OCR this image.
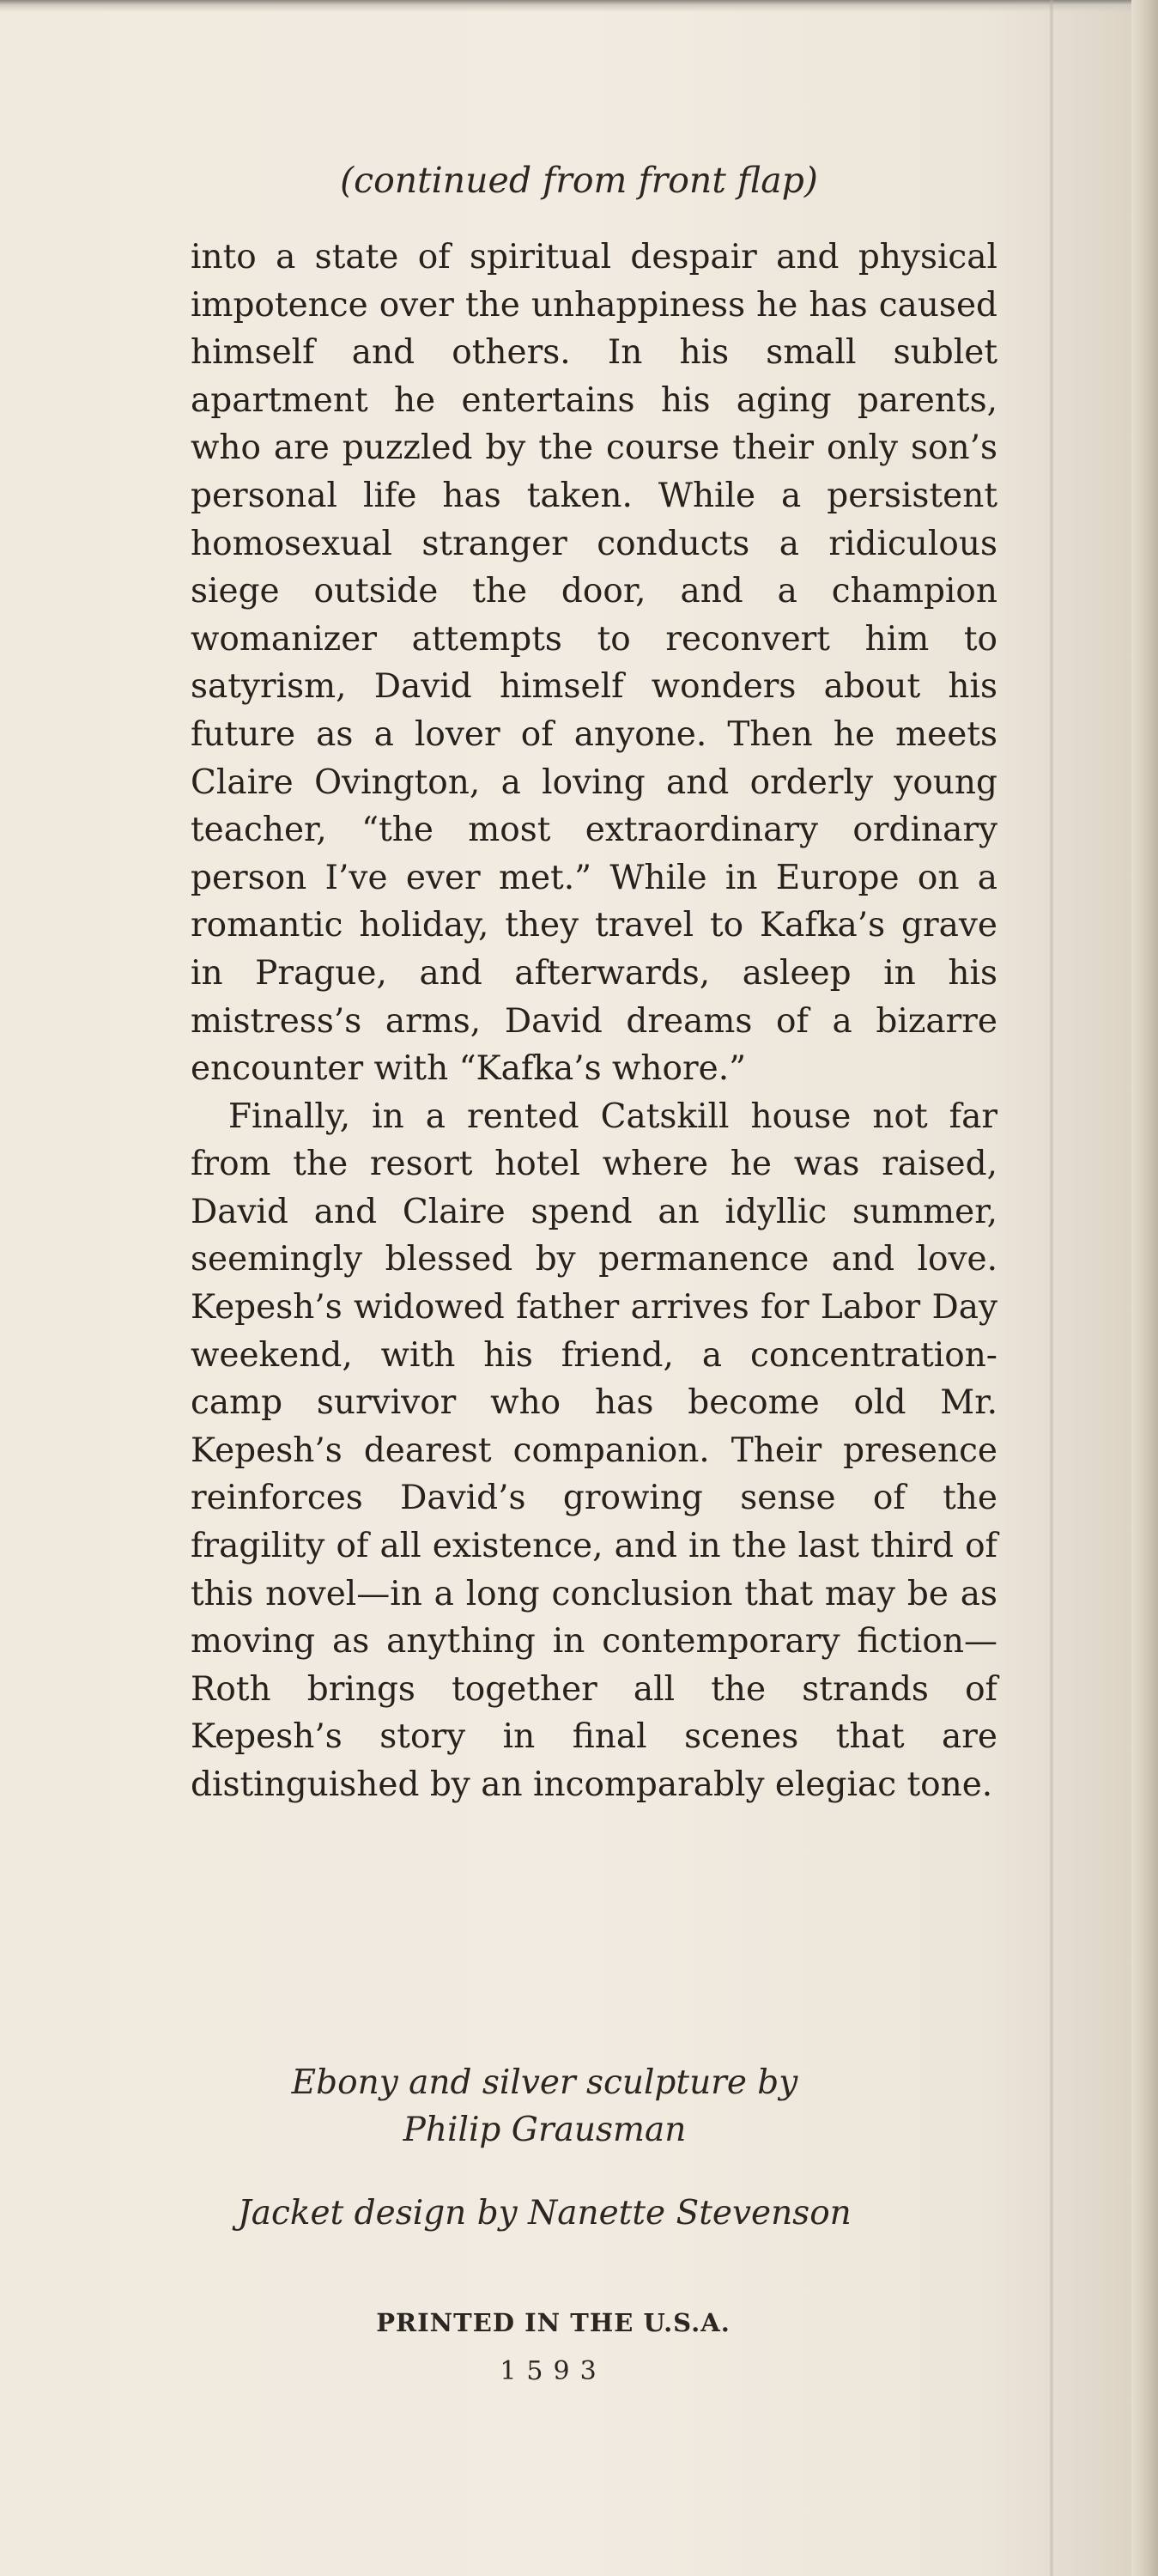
(continued from front flap)

into a state of spiritual despair and physical impotence over the unhappiness he has caused himself and others. In his small sublet apartment he entertains his aging parents, who are puzzled by the course their only son’s personal life has taken. While a persistent homosexual stranger conducts a ridiculous siege outside the door, and a champion womanizer attempts to reconvert him to satyrism, David himself wonders about his future as a lover of anyone. Then he meets Claire Ovington, a loving and orderly young teacher, “the most extraordinary ordinary person I’ve ever met.” While in Europe on a romantic holiday, they travel to Kafka’s grave in Prague, and afterwards, asleep in his mistress’s arms, David dreams of a bizarre encounter with “Kafka’s whore.”

Finally, in a rented Catskill house not far from the resort hotel where he was raised, David and Claire spend an idyllic summer, seemingly blessed by permanence and love. Kepesh’s widowed father arrives for Labor Day weekend, with his friend, a concentration-camp survivor who has become old Mr. Kepesh’s dearest companion. Their presence reinforces David’s growing sense of the fragility of all existence, and in the last third of this novel—in a long conclusion that may be as moving as anything in contemporary fiction—Roth brings together all the strands of Kepesh’s story in final scenes that are distinguished by an incomparably elegiac tone.

Ebony and silver sculpture by
Philip Grausman
Jacket design by Nanette Stevenson
PRINTED IN THE U.S.A.
1593
